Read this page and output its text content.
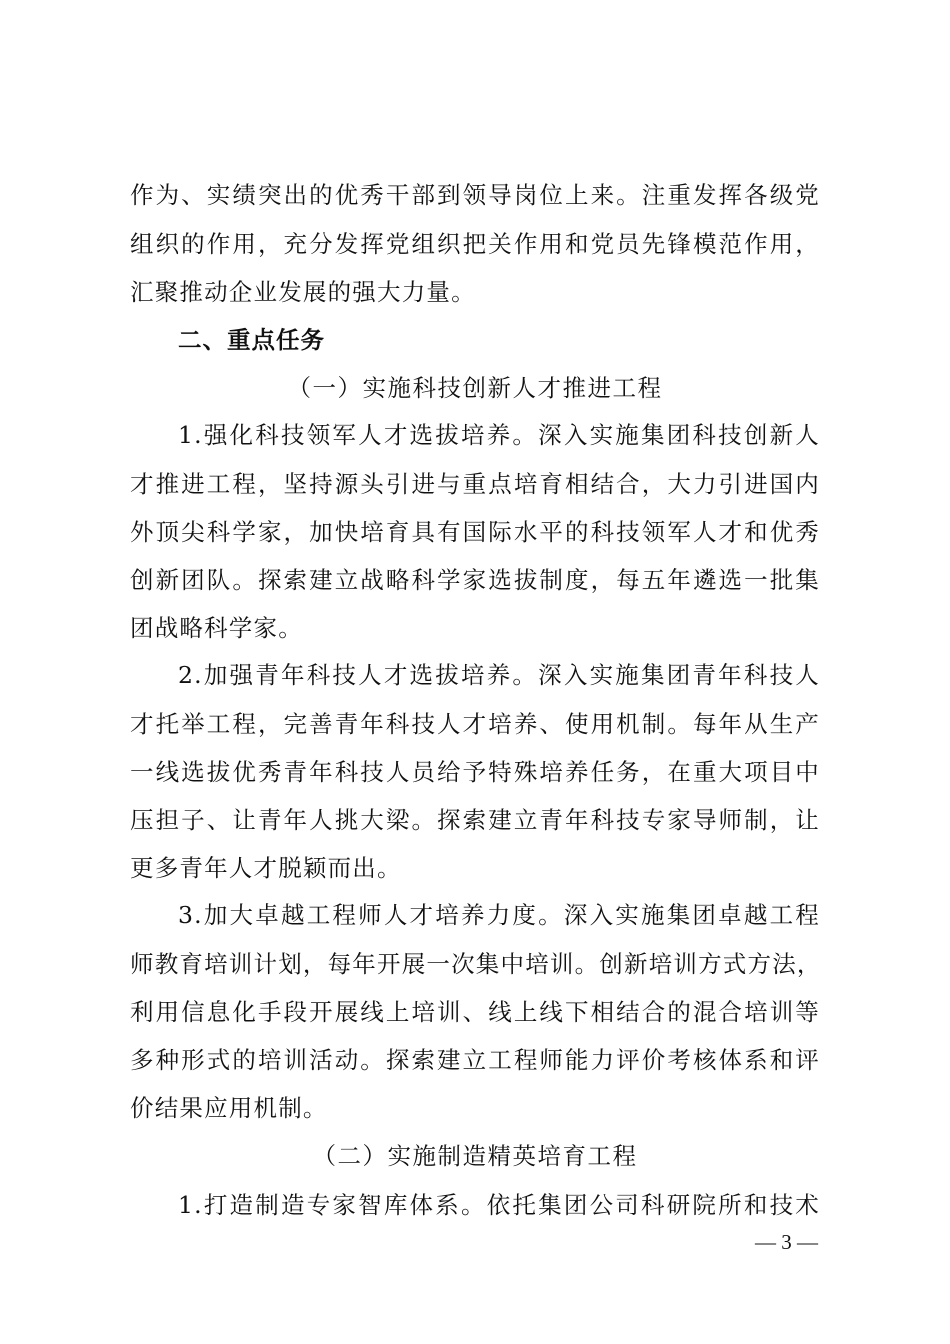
作为、实绩突出的优秀干部到领导岗位上来。注重发挥各级党
组织的作用，充分发挥党组织把关作用和党员先锋模范作用，
汇聚推动企业发展的强大力量。
二、重点任务
（一）实施科技创新人才推进工程
1.强化科技领军人才选拔培养。深入实施集团科技创新人
才推进工程，坚持源头引进与重点培育相结合，大力引进国内
外顶尖科学家，加快培育具有国际水平的科技领军人才和优秀
创新团队。探索建立战略科学家选拔制度，每五年遴选一批集
团战略科学家。
2.加强青年科技人才选拔培养。深入实施集团青年科技人
才托举工程，完善青年科技人才培养、使用机制。每年从生产
一线选拔优秀青年科技人员给予特殊培养任务，在重大项目中
压担子、让青年人挑大梁。探索建立青年科技专家导师制，让
更多青年人才脱颖而出。
3.加大卓越工程师人才培养力度。深入实施集团卓越工程
师教育培训计划，每年开展一次集中培训。创新培训方式方法，
利用信息化手段开展线上培训、线上线下相结合的混合培训等
多种形式的培训活动。探索建立工程师能力评价考核体系和评
价结果应用机制。
（二）实施制造精英培育工程
1.打造制造专家智库体系。依托集团公司科研院所和技术
— 3 —
